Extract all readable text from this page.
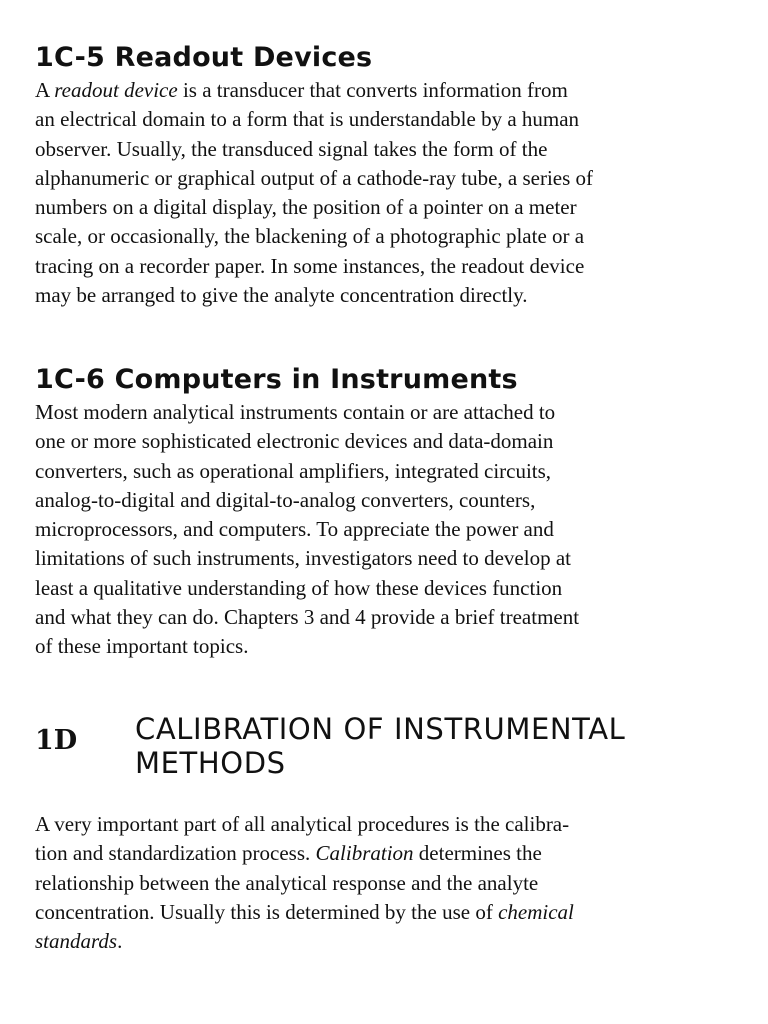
1C-5 Readout Devices
A readout device is a transducer that converts information from
an electrical domain to a form that is understandable by a human
observer. Usually, the transduced signal takes the form of the
alphanumeric or graphical output of a cathode-ray tube, a series of
numbers on a digital display, the position of a pointer on a meter
scale, or occasionally, the blackening of a photographic plate or a
tracing on a recorder paper. In some instances, the readout device
may be arranged to give the analyte concentration directly.
1C-6 Computers in Instruments
Most modern analytical instruments contain or are attached to
one or more sophisticated electronic devices and data-domain
converters, such as operational amplifiers, integrated circuits,
analog-to-digital and digital-to-analog converters, counters,
microprocessors, and computers. To appreciate the power and
limitations of such instruments, investigators need to develop at
least a qualitative understanding of how these devices function
and what they can do. Chapters 3 and 4 provide a brief treatment
of these important topics.
1D	CALIBRATION OF INSTRUMENTAL
METHODS
A very important part of all analytical procedures is the calibra-
tion and standardization process. Calibration determines the
relationship between the analytical response and the analyte
concentration. Usually this is determined by the use of chemical
standards.
